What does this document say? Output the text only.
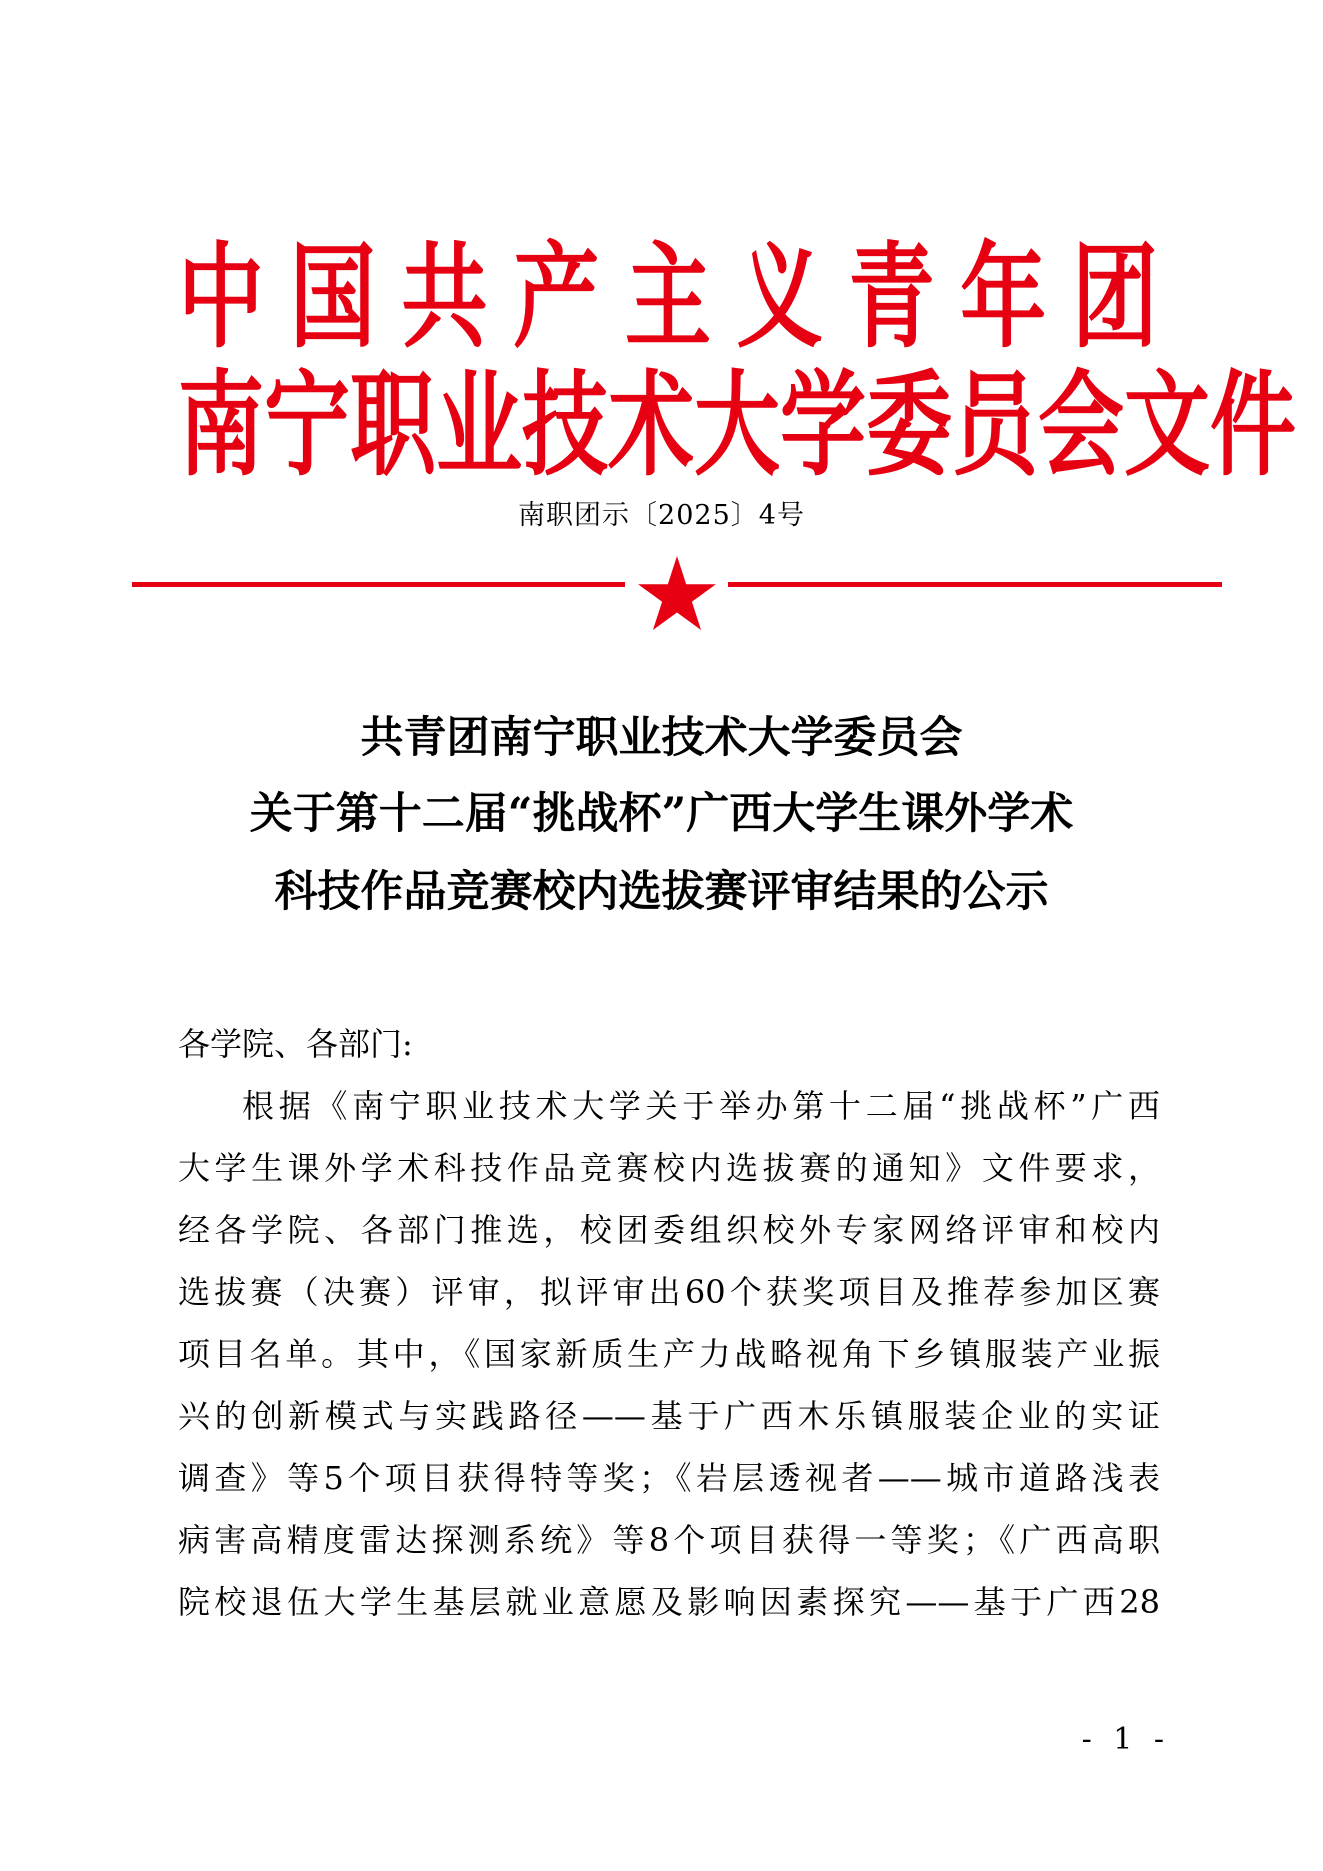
中 国 共 产 主 义 青 年 团
南 宁 职 业 技 术 大 学 委 员 会 文 件
南职团示〔2025〕4号
共青团南宁职业技术大学委员会
关于第十二届“挑战杯”广西大学生课外学术
科技作品竞赛校内选拔赛评审结果的公示
各学院、各部门:
根据《南宁职业技术大学关于举办第十二届“挑战杯”广西
大学生课外学术科技作品竞赛校内选拔赛的通知》文件要求，
经各学院、各部门推选，校团委组织校外专家网络评审和校内
选拔赛（决赛）评审，拟评审出60个获奖项目及推荐参加区赛
项目名单。其中，《国家新质生产力战略视角下乡镇服装产业振
兴的创新模式与实践路径——基于广西木乐镇服装企业的实证
调查》等5个项目获得特等奖；《岩层透视者——城市道路浅表
病害高精度雷达探测系统》等8个项目获得一等奖；《广西高职
院校退伍大学生基层就业意愿及影响因素探究——基于广西28
- 1 -
